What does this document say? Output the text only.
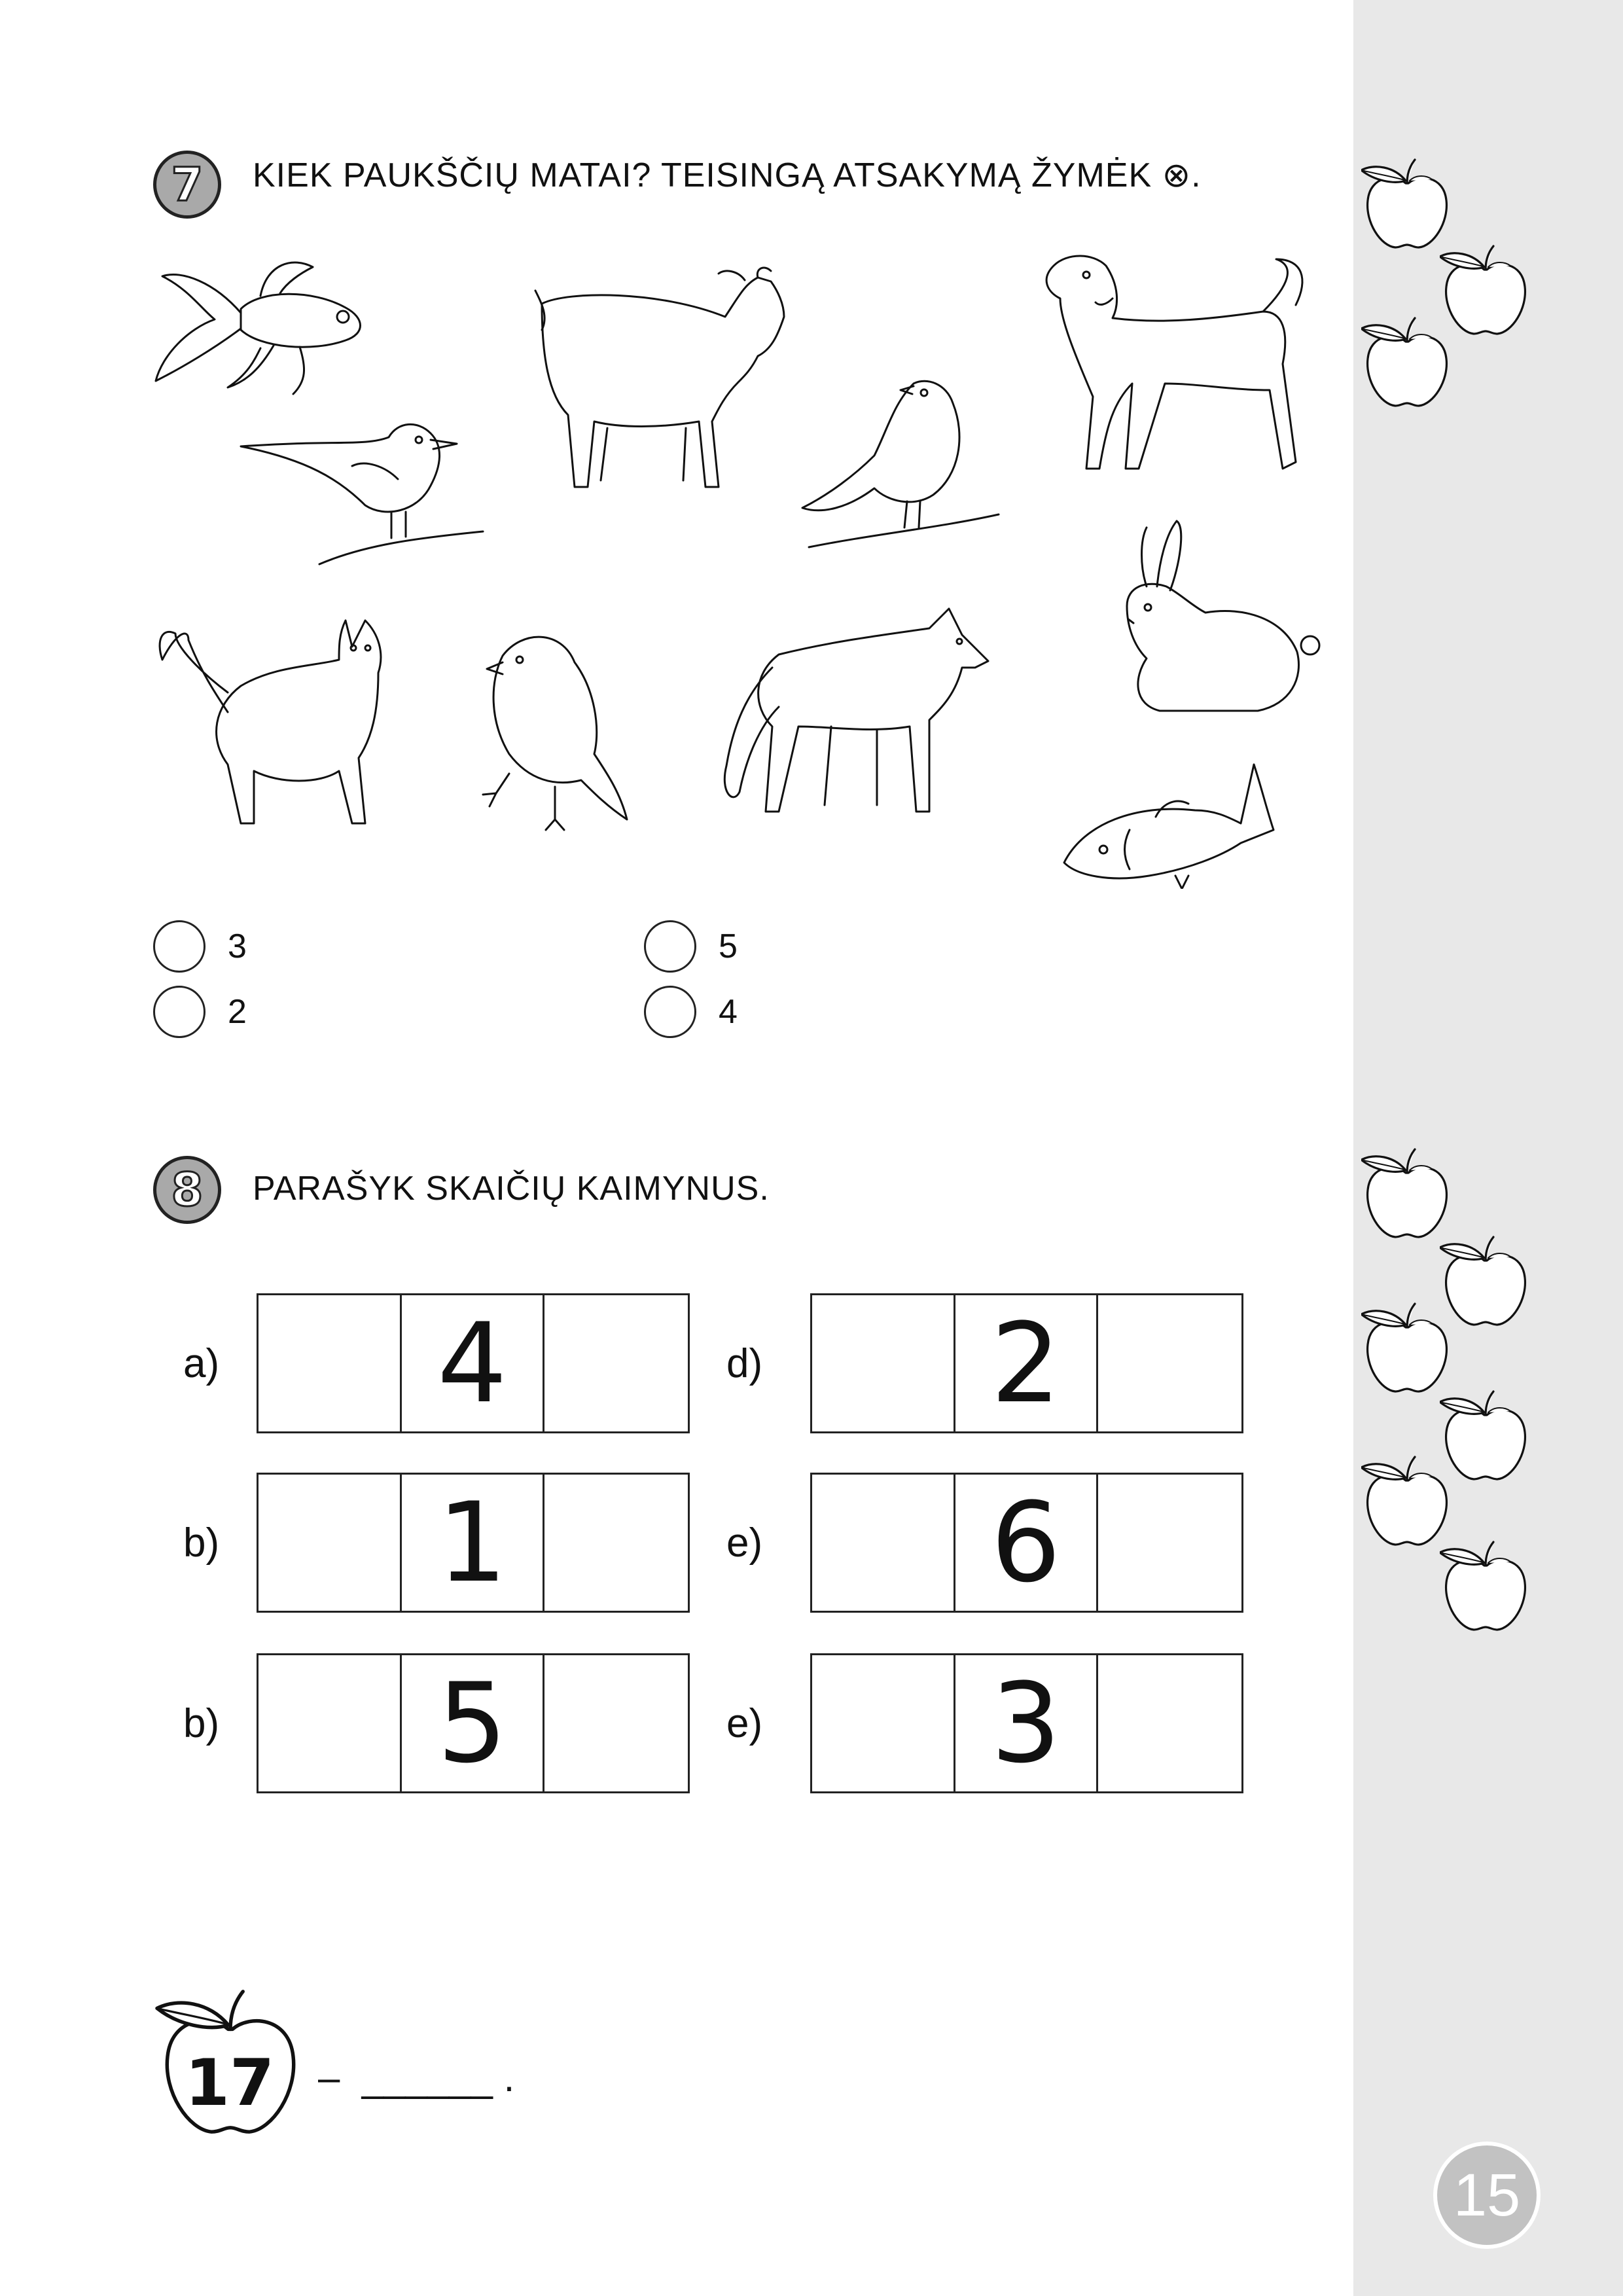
7	KIEK PAUKŠČIŲ MATAI? TEISINGĄ ATSAKYMĄ ŽYMĖK ⊗.
3
2
5
4
8	PARAŠYK SKAIČIŲ KAIMYNUS.
a)	4
b)	1
b)	5
d)	2
e)	6
e)	3
17	–  ______ .
15
